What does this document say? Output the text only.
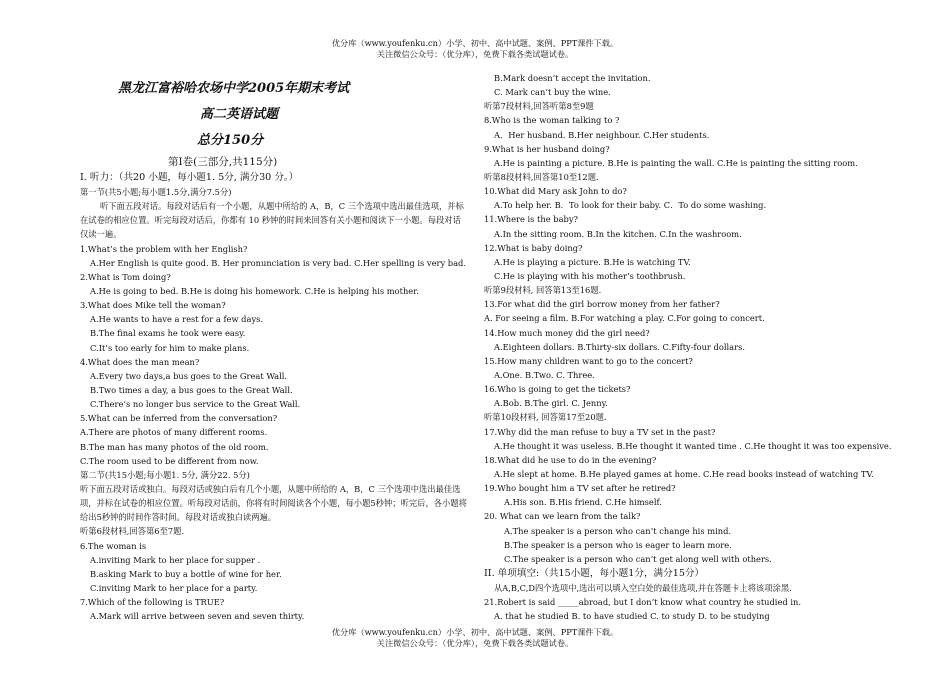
优分库（www.youfenku.cn）小学、初中、高中试题、案例、PPT课件下载。
关注微信公众号：（优分库），免费下载各类试题试卷。
黑龙江富裕哈农场中学2005年期末考试
高二英语试题
总分150分
第Ⅰ卷(三部分,共115分)
I. 听力：（共20 小题，每小题1. 5分, 满分30 分。）
第一节(共5小题;每小题1.5分,满分7.5分)
听下面五段对话。每段对话后有一个小题，从题中所给的 A，B，C 三个选项中选出最佳选项，并标在试卷的相应位置。听完每段对话后，你都有 10 秒钟的时间来回答有关小题和阅读下一小题。每段对话仅读一遍。
1.What’s the problem with her English?
A.Her English is quite good. B. Her pronunciation is very bad. C.Her spelling is very bad.
2.What is Tom doing?
A.He is going to bed. B.He is doing his homework. C.He is helping his mother.
3.What does Mike tell the woman?
A.He wants to have a rest for a few days.
B.The final exams he took were easy.
C.It’s too early for him to make plans.
4.What does the man mean?
A.Every two days,a bus goes to the Great Wall.
B.Two times a day, a bus goes to the Great Wall.
C.There’s no longer bus service to the Great Wall.
5.What can be inferred from the conversation?
A.There are photos of many different rooms.
B.The man has many photos of the old room.
C.The room used to be different from now.
第二节(共15小题;每小题1. 5分, 满分22. 5分)
听下面五段对话或独白。每段对话或独白后有几个小题，从题中所给的 A，B，C 三个选项中选出最佳选项，并标在试卷的相应位置。听每段对话前，你将有时间阅读各个小题，每小题5秒钟；听完后，各小题将给出5秒钟的时间作答时间。每段对话或独白读两遍。
听第6段材料,回答第6至7题.
6.The woman is
A.inviting Mark to her place for supper .
B.asking Mark to buy a bottle of wine for her.
C.inviting Mark to her place for a party.
7.Which of the following is TRUE?
A.Mark will arrive between seven and seven thirty.
B.Mark doesn’t accept the invitation.
C. Mark can’t buy the wine.
听第7段材料,回答听第8至9题
8.Who is the woman talking to ?
A．Her husband. B.Her neighbour. C.Her students.
9.What is her husband doing?
A.He is painting a picture. B.He is painting the wall. C.He is painting the sitting room.
听第8段材料,回答第10至12题.
10.What did Mary ask John to do?
A.To help her. B．To look for their baby. C．To do some washing.
11.Where is the baby?
A.In the sitting room. B.In the kitchen. C.In the washroom.
12.What is baby doing?
A.He is playing a picture. B.He is watching TV.
C.He is playing with his mother’s toothbrush.
听第9段材料, 回答第13至16题.
13.For what did the girl borrow money from her father?
A. For seeing a film. B.For watching a play. C.For going to concert.
14.How much money did the girl need?
A.Eighteen dollars. B.Thirty-six dollars. C.Fifty-four dollars.
15.How many children want to go to the concert?
A.One. B.Two. C. Three.
16.Who is going to get the tickets?
A.Bob. B.The girl. C. Jenny.
听第10段材料, 回答第17至20题.
17.Why did the man refuse to buy a TV set in the past?
A.He thought it was useless. B.He thought it wanted time . C.He thought it was too expensive.
18.What did he use to do in the evening?
A.He slept at home. B.He played games at home. C.He read books instead of watching TV.
19.Who bought him a TV set after he retired?
A.His son. B.His friend. C.He himself.
20. What can we learn from the talk?
A.The speaker is a person who can’t change his mind.
B.The speaker is a person who is eager to learn more.
C.The speaker is a person who can’t get along well with others.
II. 单项填空:（共15小题，每小题1分，满分15分）
从A,B,C,D四个选项中,选出可以填入空白处的最佳选项,并在答题卡上将该项涂黑.
21.Robert is said _____abroad, but I don’t know what country he studied in.
A. that he studied B. to have studied C. to study D. to be studying
优分库（www.youfenku.cn）小学、初中、高中试题、案例、PPT课件下载。
关注微信公众号：（优分库），免费下载各类试题试卷。
